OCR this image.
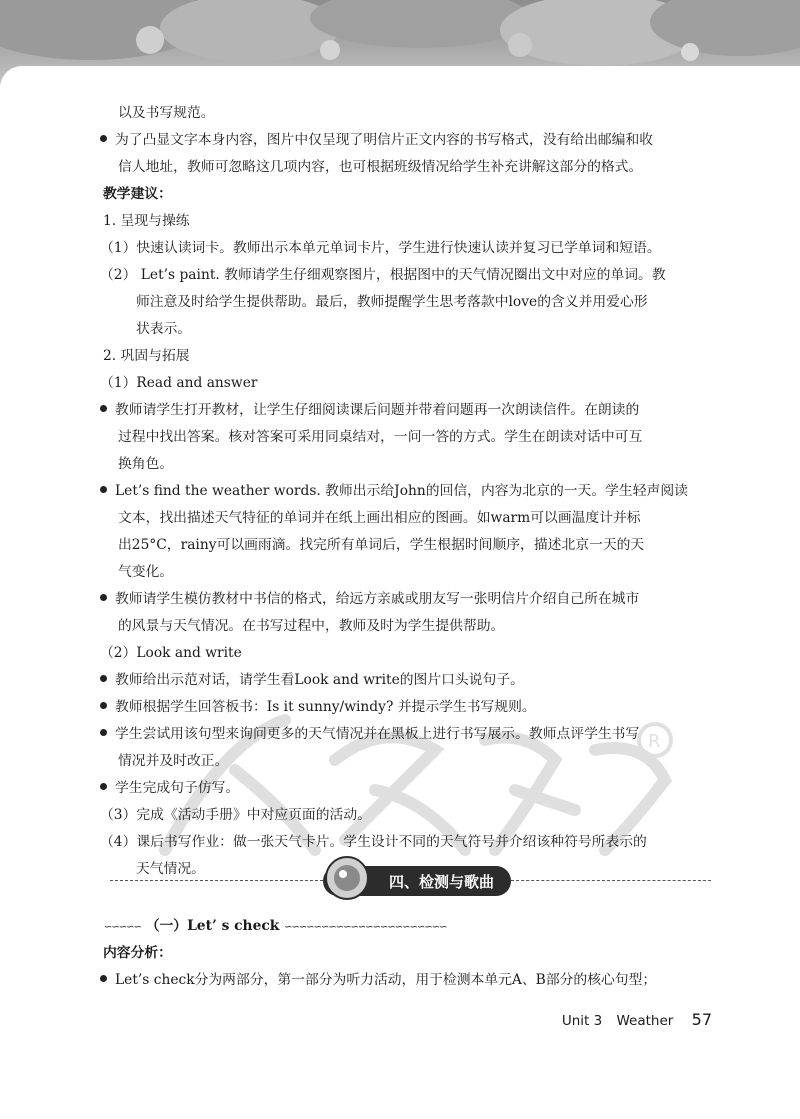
以及书写规范。
为了凸显文字本身内容，图片中仅呈现了明信片正文内容的书写格式，没有给出邮编和收
信人地址，教师可忽略这几项内容，也可根据班级情况给学生补充讲解这部分的格式。
教学建议：
1. 呈现与操练
（1）快速认读词卡。教师出示本单元单词卡片，学生进行快速认读并复习已学单词和短语。
（2） Let’s paint. 教师请学生仔细观察图片，根据图中的天气情况圈出文中对应的单词。教
师注意及时给学生提供帮助。最后，教师提醒学生思考落款中love的含义并用爱心形
状表示。
2. 巩固与拓展
（1）Read and answer
教师请学生打开教材，让学生仔细阅读课后问题并带着问题再一次朗读信件。在朗读的
过程中找出答案。核对答案可采用同桌结对，一问一答的方式。学生在朗读对话中可互
换角色。
Let’s find the weather words. 教师出示给John的回信，内容为北京的一天。学生轻声阅读
文本，找出描述天气特征的单词并在纸上画出相应的图画。如warm可以画温度计并标
出25°C，rainy可以画雨滴。找完所有单词后，学生根据时间顺序，描述北京一天的天
气变化。
教师请学生模仿教材中书信的格式，给远方亲戚或朋友写一张明信片介绍自己所在城市
的风景与天气情况。在书写过程中，教师及时为学生提供帮助。
（2）Look and write
教师给出示范对话，请学生看Look and write的图片口头说句子。
教师根据学生回答板书：Is it sunny/windy? 并提示学生书写规则。
学生尝试用该句型来询问更多的天气情况并在黑板上进行书写展示。教师点评学生书写
情况并及时改正。
学生完成句子仿写。
（3）完成《活动手册》中对应页面的活动。
（4）课后书写作业：做一张天气卡片。学生设计不同的天气符号并介绍该种符号所表示的
天气情况。
R
四、检测与歌曲
∽∽∽∽∽ （一）Let’ s check ∽∽∽∽∽∽∽∽∽∽∽∽∽∽∽∽∽∽∽∽∽∽
内容分析：
Let’s check分为两部分，第一部分为听力活动，用于检测本单元A、B部分的核心句型；
Unit 3 Weather 57
